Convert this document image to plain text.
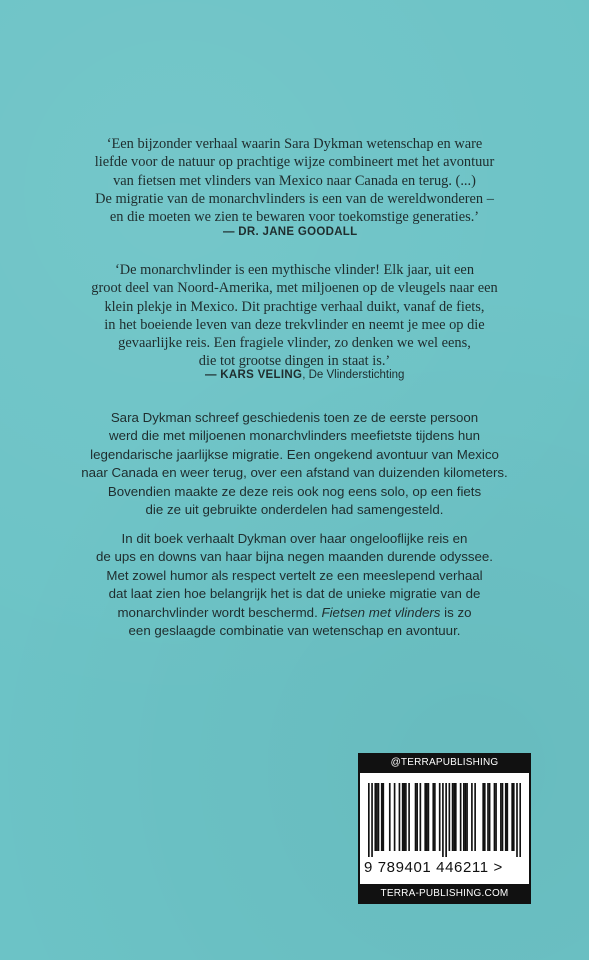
‘Een bijzonder verhaal waarin Sara Dykman wetenschap en ware
liefde voor de natuur op prachtige wijze combineert met het avontuur
van fietsen met vlinders van Mexico naar Canada en terug. (...)
De migratie van de monarchvlinders is een van de wereldwonderen –
en die moeten we zien te bewaren voor toekomstige generaties.’

— DR. JANE GOODALL

‘De monarchvlinder is een mythische vlinder! Elk jaar, uit een
groot deel van Noord-Amerika, met miljoenen op de vleugels naar een
klein plekje in Mexico. Dit prachtige verhaal duikt, vanaf de fiets,
in het boeiende leven van deze trekvlinder en neemt je mee op die
gevaarlijke reis. Een fragiele vlinder, zo denken we wel eens,
die tot grootse dingen in staat is.’

— KARS VELING, De Vlinderstichting

Sara Dykman schreef geschiedenis toen ze de eerste persoon
werd die met miljoenen monarchvlinders meefietste tijdens hun
legendarische jaarlijkse migratie. Een ongekend avontuur van Mexico
naar Canada en weer terug, over een afstand van duizenden kilometers.
Bovendien maakte ze deze reis ook nog eens solo, op een fiets
die ze uit gebruikte onderdelen had samengesteld.

In dit boek verhaalt Dykman over haar ongelooflijke reis en
de ups en downs van haar bijna negen maanden durende odyssee.
Met zowel humor als respect vertelt ze een meeslepend verhaal
dat laat zien hoe belangrijk het is dat de unieke migratie van de
monarchvlinder wordt beschermd. Fietsen met vlinders is zo
een geslaagde combinatie van wetenschap en avontuur.

@TERRAPUBLISHING
9 789401 446211 >
TERRA-PUBLISHING.COM
